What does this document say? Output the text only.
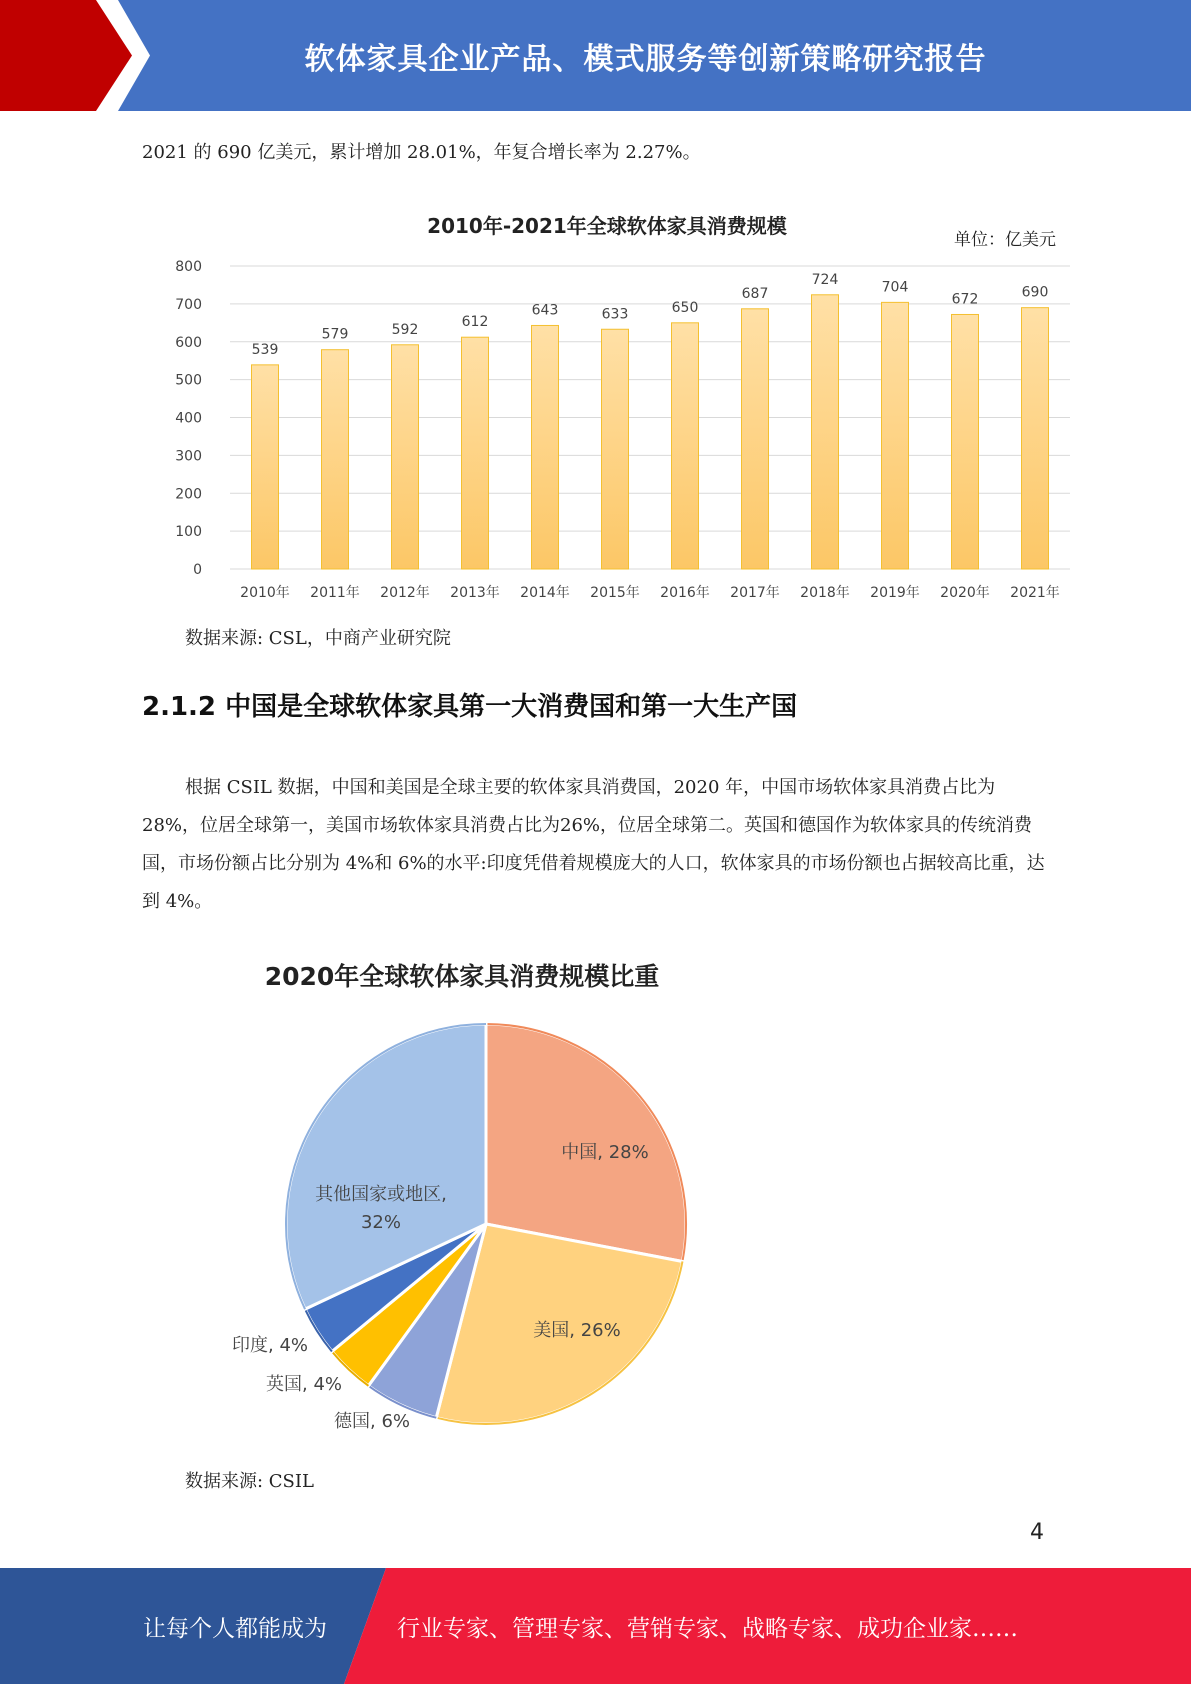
软体家具企业产品、模式服务等创新策略研究报告
2021 的 690 亿美元，累计增加 28.01%，年复合增长率为 2.27%。
2010年-2021年全球软体家具消费规模
单位：亿美元
0
100
200
300
400
500
600
700
800
539
579	592	612
643	633	650
687
724	704
672	690
2010年 2011年 2012年 2013年 2014年 2015年 2016年 2017年 2018年 2019年 2020年 2021年
数据来源: CSL，中商产业研究院
2.1.2 中国是全球软体家具第一大消费国和第一大生产国
根据 CSIL 数据，中国和美国是全球主要的软体家具消费国，2020 年，中国市场软体家具消费占比为 28%，位居全球第一，美国市场软体家具消费占比为26%，位居全球第二。英国和德国作为软体家具的传统消费国，市场份额占比分别为 4%和 6%的水平:印度凭借着规模庞大的人口，软体家具的市场份额也占据较高比重，达到 4%。
2020年全球软体家具消费规模比重
中国, 28%
美国, 26%
德国, 6%
英国, 4%
印度, 4%
其他国家或地区,
32%
数据来源: CSIL
4
让每个人都能成为	行业专家、管理专家、营销专家、战略专家、成功企业家……
